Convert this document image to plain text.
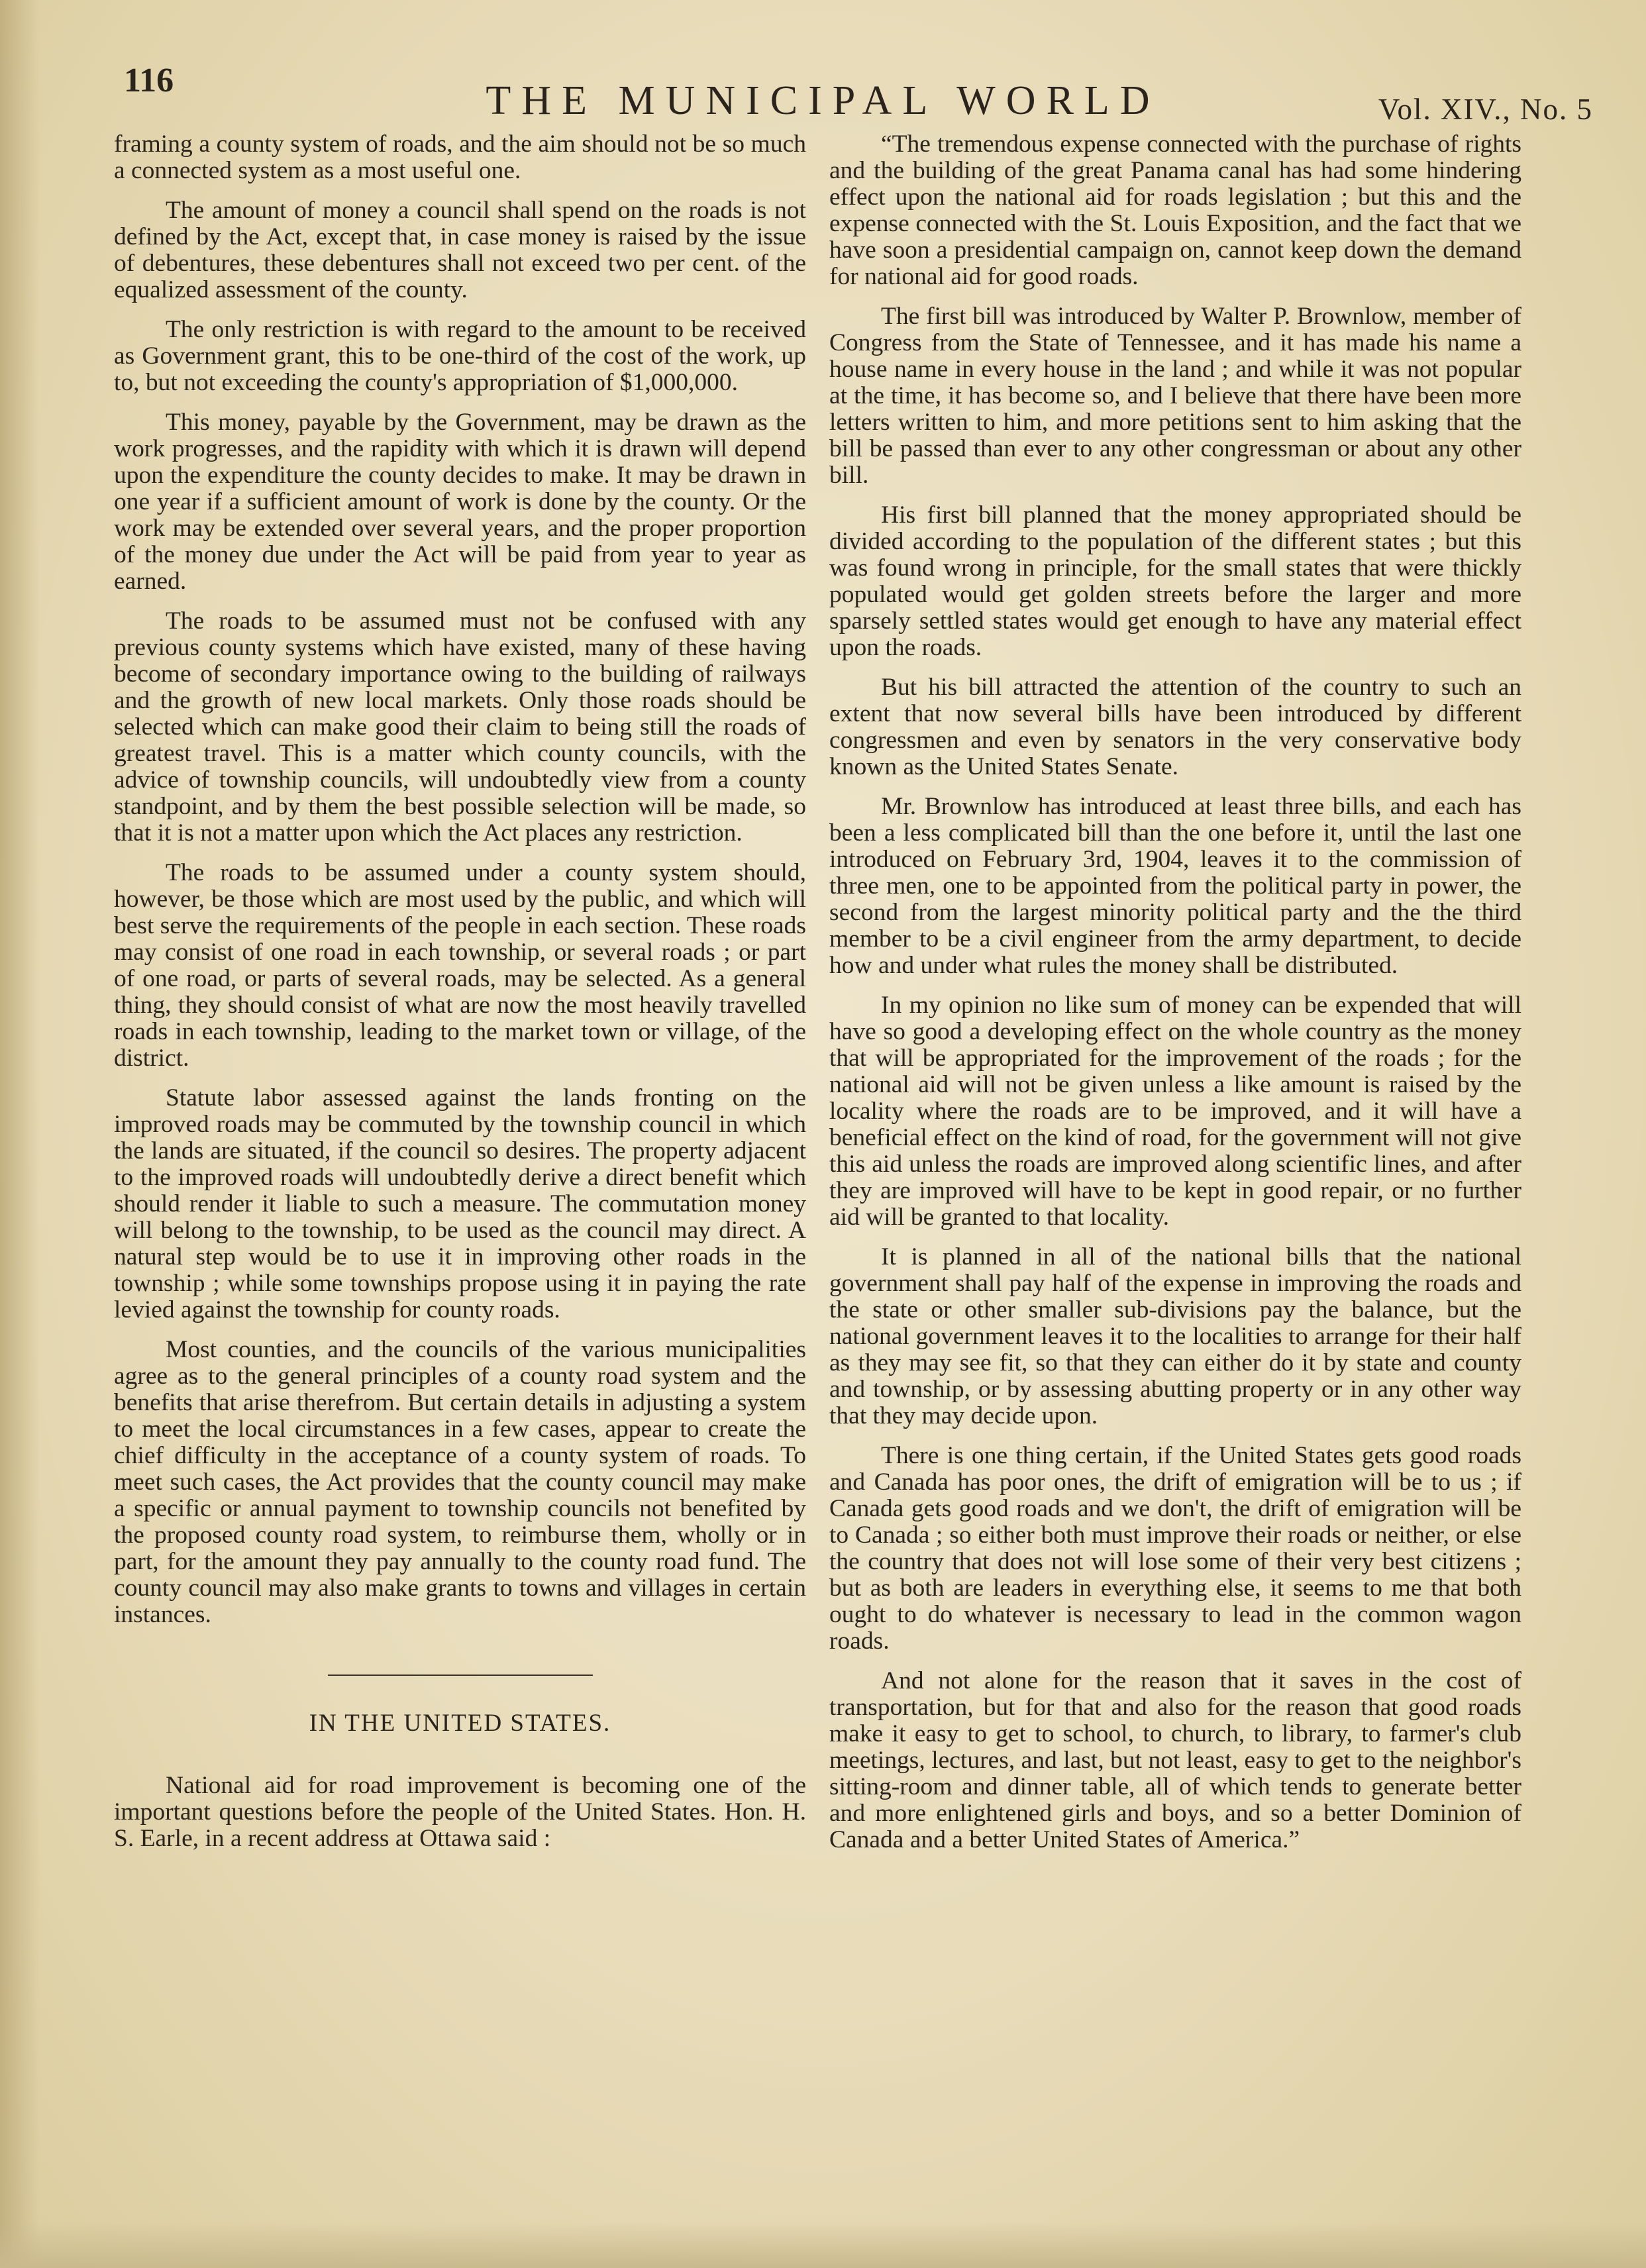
116	THE MUNICIPAL WORLD	Vol. XIV., No. 5

framing a county system of roads, and the aim should not be so much a connected system as a most useful one.

The amount of money a council shall spend on the roads is not defined by the Act, except that, in case money is raised by the issue of debentures, these debentures shall not exceed two per cent. of the equalized assessment of the county.

The only restriction is with regard to the amount to be received as Government grant, this to be one-third of the cost of the work, up to, but not exceeding the county's appropriation of $1,000,000.

This money, payable by the Government, may be drawn as the work progresses, and the rapidity with which it is drawn will depend upon the expenditure the county decides to make. It may be drawn in one year if a sufficient amount of work is done by the county. Or the work may be extended over several years, and the proper proportion of the money due under the Act will be paid from year to year as earned.

The roads to be assumed must not be confused with any previous county systems which have existed, many of these having become of secondary importance owing to the building of railways and the growth of new local markets. Only those roads should be selected which can make good their claim to being still the roads of greatest travel. This is a matter which county councils, with the advice of township councils, will undoubtedly view from a county standpoint, and by them the best possible selection will be made, so that it is not a matter upon which the Act places any restriction.

The roads to be assumed under a county system should, however, be those which are most used by the public, and which will best serve the requirements of the people in each section. These roads may consist of one road in each township, or several roads ; or part of one road, or parts of several roads, may be selected. As a general thing, they should consist of what are now the most heavily travelled roads in each township, leading to the market town or village, of the district.

Statute labor assessed against the lands fronting on the improved roads may be commuted by the township council in which the lands are situated, if the council so desires. The property adjacent to the improved roads will undoubtedly derive a direct benefit which should render it liable to such a measure. The commutation money will belong to the township, to be used as the council may direct. A natural step would be to use it in improving other roads in the township ; while some townships propose using it in paying the rate levied against the township for county roads.

Most counties, and the councils of the various municipalities agree as to the general principles of a county road system and the benefits that arise therefrom. But certain details in adjusting a system to meet the local circumstances in a few cases, appear to create the chief difficulty in the acceptance of a county system of roads. To meet such cases, the Act provides that the county council may make a specific or annual payment to township councils not benefited by the proposed county road system, to reimburse them, wholly or in part, for the amount they pay annually to the county road fund. The county council may also make grants to towns and villages in certain instances.

IN THE UNITED STATES.

National aid for road improvement is becoming one of the important questions before the people of the United States. Hon. H. S. Earle, in a recent address at Ottawa said :

“The tremendous expense connected with the purchase of rights and the building of the great Panama canal has had some hindering effect upon the national aid for roads legislation ; but this and the expense connected with the St. Louis Exposition, and the fact that we have soon a presidential campaign on, cannot keep down the demand for national aid for good roads.

The first bill was introduced by Walter P. Brownlow, member of Congress from the State of Tennessee, and it has made his name a house name in every house in the land ; and while it was not popular at the time, it has become so, and I believe that there have been more letters written to him, and more petitions sent to him asking that the bill be passed than ever to any other congressman or about any other bill.

His first bill planned that the money appropriated should be divided according to the population of the different states ; but this was found wrong in principle, for the small states that were thickly populated would get golden streets before the larger and more sparsely settled states would get enough to have any material effect upon the roads.

But his bill attracted the attention of the country to such an extent that now several bills have been introduced by different congressmen and even by senators in the very conservative body known as the United States Senate.

Mr. Brownlow has introduced at least three bills, and each has been a less complicated bill than the one before it, until the last one introduced on February 3rd, 1904, leaves it to the commission of three men, one to be appointed from the political party in power, the second from the largest minority political party and the the third member to be a civil engineer from the army department, to decide how and under what rules the money shall be distributed.

In my opinion no like sum of money can be expended that will have so good a developing effect on the whole country as the money that will be appropriated for the improvement of the roads ; for the national aid will not be given unless a like amount is raised by the locality where the roads are to be improved, and it will have a beneficial effect on the kind of road, for the government will not give this aid unless the roads are improved along scientific lines, and after they are improved will have to be kept in good repair, or no further aid will be granted to that locality.

It is planned in all of the national bills that the national government shall pay half of the expense in improving the roads and the state or other smaller sub-divisions pay the balance, but the national government leaves it to the localities to arrange for their half as they may see fit, so that they can either do it by state and county and township, or by assessing abutting property or in any other way that they may decide upon.

There is one thing certain, if the United States gets good roads and Canada has poor ones, the drift of emigration will be to us ; if Canada gets good roads and we don't, the drift of emigration will be to Canada ; so either both must improve their roads or neither, or else the country that does not will lose some of their very best citizens ; but as both are leaders in everything else, it seems to me that both ought to do whatever is necessary to lead in the common wagon roads.

And not alone for the reason that it saves in the cost of transportation, but for that and also for the reason that good roads make it easy to get to school, to church, to library, to farmer's club meetings, lectures, and last, but not least, easy to get to the neighbor's sitting-room and dinner table, all of which tends to generate better and more enlightened girls and boys, and so a better Dominion of Canada and a better United States of America.”
